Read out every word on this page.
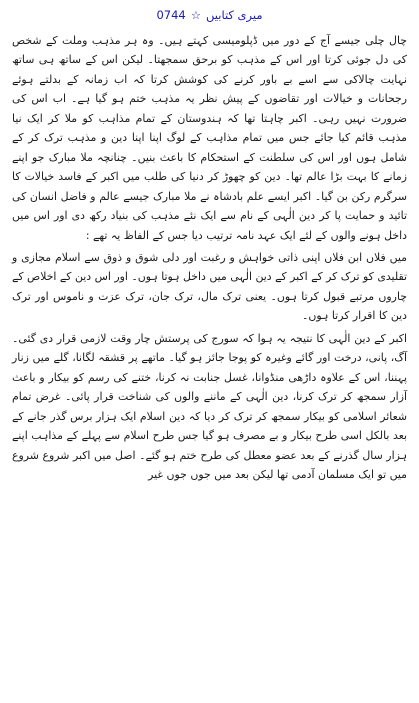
میری کتابیں☆0744

چال چلی جیسے آج کے دور میں ڈپلومیسی کہتے ہیں۔ وہ ہر مذہب وملت کے شخص کی دل جوئی کرتا اور اس کے مذہب کو برحق سمجھتا۔ لیکن اس کے ساتھ ہی ساتھ نہایت چالاکی سے اسے بے باور کرنے کی کوشش کرتا کہ اب زمانہ کے بدلتے ہوئے رجحانات و خیالات اور تقاضوں کے پیش نظر یہ مذہب ختم ہو گیا ہے۔ اب اس کی ضرورت نہیں رہی۔ اکبر چاہتا تھا کہ ہندوستان کے تمام مذاہب کو ملا کر ایک نیا مذہب قائم کیا جائے جس میں تمام مذاہب کے لوگ اپنا اپنا دین و مذہب ترک کر کے شامل ہوں اور اس کی سلطنت کے استحکام کا باعث بنیں۔ چنانچہ ملا مبارک جو اپنے زمانے کا بہت بڑا عالم تھا۔ دین کو چھوڑ کر دنیا کی طلب میں اکبر کے فاسد خیالات کا سرگرم رکن بن گیا۔ اکبر ایسے علم بادشاہ نے ملا مبارک جیسے عالم و فاضل انسان کی تائید و حمایت پا کر دین الٰہی کے نام سے ایک نئے مذہب کی بنیاد رکھ دی اور اس میں داخل ہونے والوں کے لئے ایک عہد نامہ ترتیب دیا جس کے الفاظ یہ تھے :

میں فلاں ابن فلاں اپنی ذاتی خواہش و رغبت اور دلی شوق و ذوق سے اسلام مجازی و تقلیدی کو ترک کر کے اکبر کے دین الٰہی میں داخل ہوتا ہوں۔ اور اس دین کے اخلاص کے چاروں مرتبے قبول کرتا ہوں۔ یعنی ترک مال، ترک جان، ترک عزت و ناموس اور ترک دین کا اقرار کرتا ہوں۔

اکبر کے دین الٰہی کا نتیجہ یہ ہوا کہ سورج کی پرستش چار وقت لازمی قرار دی گئی۔ آگ، پانی، درخت اور گائے وغیرہ کو پوجا جائز ہو گیا۔ ماتھے پر قشقہ لگانا، گلے میں زنار پہننا، اس کے علاوہ داڑھی منڈوانا، غسل جنابت نہ کرنا، ختنے کی رسم کو بیکار و باعث آزار سمجھ کر ترک کرنا، دین الٰہی کے ماننے والوں کی شناخت قرار پائی۔ غرض تمام شعائر اسلامی کو بیکار سمجھ کر ترک کر دیا کہ دین اسلام ایک ہزار برس گذر جانے کے بعد بالکل اسی طرح بیکار و بے مصرف ہو گیا جس طرح اسلام سے پہلے کے مذاہب اپنے ہزار سال گذرنے کے بعد عضو معطل کی طرح ختم ہو گئے۔ اصل میں اکبر شروع شروع میں تو ایک مسلمان آدمی تھا لیکن بعد میں جوں جوں غیر
